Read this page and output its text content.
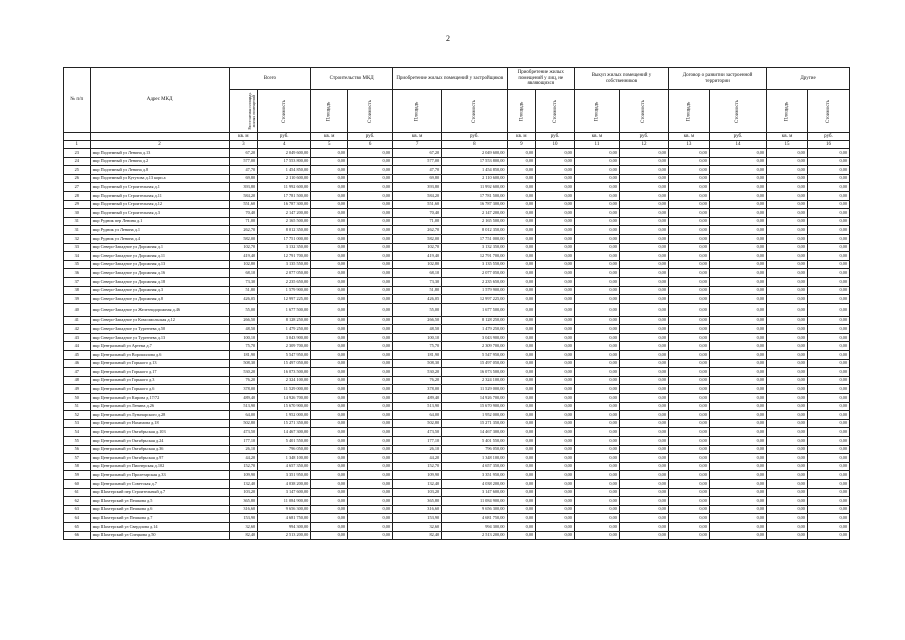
2
№ п/п	Адрес МКД	Всего		Строительство МКД		Приобретение жилых помещений у застройщиков		Приобретение жилых помещений у лиц, не являющихся		Выкуп жилых помещений у собственников		Договор о развитии застроенной территории		Другие	
		Расселяемая площадь жилых помещений	Стоимость	Площадь	Стоимость	Площадь	Стоимость	Площадь	Стоимость	Площадь	Стоимость	Площадь	Стоимость	Площадь	Стоимость
		кв. м	руб.	кв. м	руб.	кв. м	руб.	кв. м	руб.	кв. м	руб.	кв. м	руб.	кв. м	руб.
1	2	3	4	5	6	7	8	9	10	11	12	13	14	15	16
23	мкр Подземный ул Ленина д.13	67,20	2 049 600,00	0,00	0,00	67,20	2 049 600,00	0,00	0,00	0,00	0,00	0,00	0,00	0,00	0,00
24	мкр Подземный ул Ленина д.2	577,00	17 553 800,00	0,00	0,00	577,00	17 553 800,00	0,00	0,00	0,00	0,00	0,00	0,00	0,00	0,00
25	мкр Подземный ул Ленина д.8	47,70	1 454 850,00	0,00	0,00	47,70	1 454 850,00	0,00	0,00	0,00	0,00	0,00	0,00	0,00	0,00
26	мкр Подземный ул Кутузова д.13 корп.а	69,80	2 110 600,00	0,00	0,00	69,80	2 110 600,00	0,00	0,00	0,00	0,00	0,00	0,00	0,00	0,00
27	мкр Подземный ул Строительная д.1	393,80	11 992 600,00	0,00	0,00	393,80	11 992 600,00	0,00	0,00	0,00	0,00	0,00	0,00	0,00	0,00
28	мкр Подземный ул Строительная д.11	584,20	17 781 500,00	0,00	0,00	584,20	17 781 500,00	0,00	0,00	0,00	0,00	0,00	0,00	0,00	0,00
29	мкр Подземный ул Строительная д.12	551,60	16 787 300,00	0,00	0,00	551,60	16 787 300,00	0,00	0,00	0,00	0,00	0,00	0,00	0,00	0,00
30	мкр Подземный ул Строительная д.3	70,40	2 147 200,00	0,00	0,00	70,40	2 147 200,00	0,00	0,00	0,00	0,00	0,00	0,00	0,00	0,00
31	мкр Рудник пер Ленина д.1	71,00	2 165 500,00	0,00	0,00	71,00	2 165 500,00	0,00	0,00	0,00	0,00	0,00	0,00	0,00	0,00
31	мкр Рудник ул Ленина д.1	262,70	8 012 350,00	0,00	0,00	262,70	8 012 350,00	0,00	0,00	0,00	0,00	0,00	0,00	0,00	0,00
32	мкр Рудник ул Ленина д.4	582,00	17 751 000,00	0,00	0,00	582,00	17 751 000,00	0,00	0,00	0,00	0,00	0,00	0,00	0,00	0,00
33	мкр Северо-Западное ул Дорожная д.1	102,70	3 132 350,00	0,00	0,00	102,70	3 132 350,00	0,00	0,00	0,00	0,00	0,00	0,00	0,00	0,00
34	мкр Северо-Западное ул Дорожная д.11	419,40	12 791 700,00	0,00	0,00	419,40	12 791 700,00	0,00	0,00	0,00	0,00	0,00	0,00	0,00	0,00
35	мкр Северо-Западное ул Дорожная д.13	102,80	3 135 550,00	0,00	0,00	102,80	3 135 550,00	0,00	0,00	0,00	0,00	0,00	0,00	0,00	0,00
36	мкр Северо-Западное ул Дорожная д.16	68,10	2 077 050,00	0,00	0,00	68,10	2 077 050,00	0,00	0,00	0,00	0,00	0,00	0,00	0,00	0,00
37	мкр Северо-Западное ул Дорожная д.18	73,30	2 235 650,00	0,00	0,00	73,30	2 235 650,00	0,00	0,00	0,00	0,00	0,00	0,00	0,00	0,00
38	мкр Северо-Западное ул Дорожная д.3	51,80	1 579 900,00	0,00	0,00	51,80	1 579 900,00	0,00	0,00	0,00	0,00	0,00	0,00	0,00	0,00
39	мкр Северо-Западное ул Дорожная д.8	426,05	12 997 225,00	0,00	0,00	426,05	12 997 225,00	0,00	0,00	0,00	0,00	0,00	0,00	0,00	0,00
40	мкр Северо-Западное ул Железнодорожная д.46	55,00	1 677 500,00	0,00	0,00	55,00	1 677 500,00	0,00	0,00	0,00	0,00	0,00	0,00	0,00	0,00
41	мкр Северо-Западное ул Комсомольская д.12	266,50	8 128 250,00	0,00	0,00	266,50	8 128 250,00	0,00	0,00	0,00	0,00	0,00	0,00	0,00	0,00
42	мкр Северо-Западное ул Тургенева д.50	48,50	1 479 250,00	0,00	0,00	48,50	1 479 250,00	0,00	0,00	0,00	0,00	0,00	0,00	0,00	0,00
43	мкр Северо-Западное ул Тургенева д.13	100,10	3 043 900,00	0,00	0,00	100,10	3 043 900,00	0,00	0,00	0,00	0,00	0,00	0,00	0,00	0,00
44	мкр Центральный ул Артема д.7	75,70	2 309 700,00	0,00	0,00	75,70	2 309 700,00	0,00	0,00	0,00	0,00	0,00	0,00	0,00	0,00
45	мкр Центральный ул Ворошилова д.6	181,90	5 547 950,00	0,00	0,00	181,90	5 547 950,00	0,00	0,00	0,00	0,00	0,00	0,00	0,00	0,00
46	мкр Центральный ул Горького д.13	508,30	15 497 050,00	0,00	0,00	508,30	15 497 050,00	0,00	0,00	0,00	0,00	0,00	0,00	0,00	0,00
47	мкр Центральный ул Горького д.17	530,20	16 073 500,00	0,00	0,00	530,20	16 073 500,00	0,00	0,00	0,00	0,00	0,00	0,00	0,00	0,00
48	мкр Центральный ул Горького д.3	76,20	2 324 100,00	0,00	0,00	76,20	2 324 100,00	0,00	0,00	0,00	0,00	0,00	0,00	0,00	0,00
49	мкр Центральный ул Горького д.6	378,00	11 529 000,00	0,00	0,00	378,00	11 529 000,00	0,00	0,00	0,00	0,00	0,00	0,00	0,00	0,00
50	мкр Центральный ул Кирова д.17/72	489,40	14 926 700,00	0,00	0,00	489,40	14 926 700,00	0,00	0,00	0,00	0,00	0,00	0,00	0,00	0,00
51	мкр Центральный ул Ленина д.26	513,90	15 670 900,00	0,00	0,00	513,90	15 670 900,00	0,00	0,00	0,00	0,00	0,00	0,00	0,00	0,00
52	мкр Центральный ул Луначарского д.28	64,00	1 952 000,00	0,00	0,00	64,00	1 952 000,00	0,00	0,00	0,00	0,00	0,00	0,00	0,00	0,00
53	мкр Центральный ул Нахимова д.18	502,80	15 271 350,00	0,00	0,00	502,80	15 271 350,00	0,00	0,00	0,00	0,00	0,00	0,00	0,00	0,00
54	мкр Центральный ул Октябрьская д.103	473,50	14 467 300,00	0,00	0,00	473,50	14 467 300,00	0,00	0,00	0,00	0,00	0,00	0,00	0,00	0,00
55	мкр Центральный ул Октябрьская д.24	177,10	5 401 550,00	0,00	0,00	177,10	5 401 550,00	0,00	0,00	0,00	0,00	0,00	0,00	0,00	0,00
56	мкр Центральный ул Октябрьская д.36	26,10	796 050,00	0,00	0,00	26,10	796 050,00	0,00	0,00	0,00	0,00	0,00	0,00	0,00	0,00
57	мкр Центральный ул Октябрьская д.97	44,20	1 348 100,00	0,00	0,00	44,20	1 348 100,00	0,00	0,00	0,00	0,00	0,00	0,00	0,00	0,00
58	мкр Центральный ул Пионерская д.102	152,70	4 657 350,00	0,00	0,00	152,70	4 657 350,00	0,00	0,00	0,00	0,00	0,00	0,00	0,00	0,00
59	мкр Центральный ул Пролетарская д.33	109,90	3 351 950,00	0,00	0,00	109,90	3 351 950,00	0,00	0,00	0,00	0,00	0,00	0,00	0,00	0,00
60	мкр Центральный ул Советская д.7	132,40	4 038 200,00	0,00	0,00	132,40	4 038 200,00	0,00	0,00	0,00	0,00	0,00	0,00	0,00	0,00
61	мкр Шахтерский пер Строительный д.7	103,20	3 147 600,00	0,00	0,00	103,20	3 147 600,00	0,00	0,00	0,00	0,00	0,00	0,00	0,00	0,00
62	мкр Шахтерский ул Пешкова д.5	365,80	11 084 900,00	0,00	0,00	365,80	11 084 900,00	0,00	0,00	0,00	0,00	0,00	0,00	0,00	0,00
63	мкр Шахтерский ул Пешкова д.6	316,60	9 656 300,00	0,00	0,00	316,60	9 656 300,00	0,00	0,00	0,00	0,00	0,00	0,00	0,00	0,00
64	мкр Шахтерский ул Пешкова д.7	153,90	4 681 750,00	0,00	0,00	153,90	4 681 750,00	0,00	0,00	0,00	0,00	0,00	0,00	0,00	0,00
65	мкр Шахтерский ул Свердлова д.14	32,60	994 300,00	0,00	0,00	32,60	994 300,00	0,00	0,00	0,00	0,00	0,00	0,00	0,00	0,00
66	мкр Шахтерский ул Спецкова д.50	82,40	2 513 200,00	0,00	0,00	82,40	2 513 200,00	0,00	0,00	0,00	0,00	0,00	0,00	0,00	0,00
